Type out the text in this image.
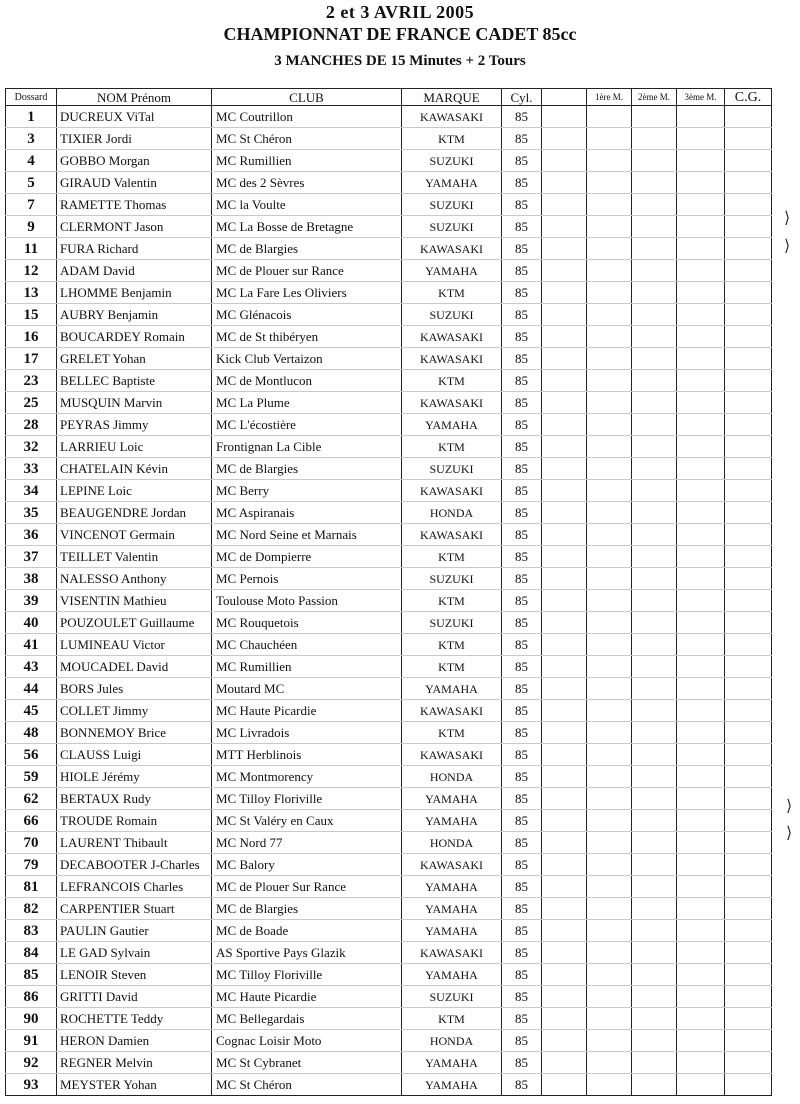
2 et 3 AVRIL 2005
CHAMPIONNAT DE FRANCE CADET 85cc
3 MANCHES DE 15 Minutes + 2 Tours
Dossard	NOM Prénom	CLUB	MARQUE	Cyl.		1ère M.	2ème M.	3ème M.	C.G.
1	DUCREUX ViTal	MC Coutrillon	KAWASAKI	85					
3	TIXIER Jordi	MC St Chéron	KTM	85					
4	GOBBO Morgan	MC Rumillien	SUZUKI	85					
5	GIRAUD Valentin	MC des 2 Sèvres	YAMAHA	85					
7	RAMETTE Thomas	MC la Voulte	SUZUKI	85					
9	CLERMONT Jason	MC La Bosse de Bretagne	SUZUKI	85					
11	FURA Richard	MC de Blargies	KAWASAKI	85					
12	ADAM David	MC de Plouer sur Rance	YAMAHA	85					
13	LHOMME Benjamin	MC La Fare Les Oliviers	KTM	85					
15	AUBRY Benjamin	MC Glénacois	SUZUKI	85					
16	BOUCARDEY Romain	MC de St thibéryen	KAWASAKI	85					
17	GRELET Yohan	Kick Club Vertaizon	KAWASAKI	85					
23	BELLEC Baptiste	MC de Montlucon	KTM	85					
25	MUSQUIN Marvin	MC La Plume	KAWASAKI	85					
28	PEYRAS Jimmy	MC L'écostière	YAMAHA	85					
32	LARRIEU Loic	Frontignan La Cible	KTM	85					
33	CHATELAIN Kévin	MC de Blargies	SUZUKI	85					
34	LEPINE Loic	MC Berry	KAWASAKI	85					
35	BEAUGENDRE Jordan	MC Aspiranais	HONDA	85					
36	VINCENOT Germain	MC Nord Seine et Marnais	KAWASAKI	85					
37	TEILLET Valentin	MC de Dompierre	KTM	85					
38	NALESSO Anthony	MC Pernois	SUZUKI	85					
39	VISENTIN Mathieu	Toulouse Moto Passion	KTM	85					
40	POUZOULET Guillaume	MC Rouquetois	SUZUKI	85					
41	LUMINEAU Victor	MC Chauchéen	KTM	85					
43	MOUCADEL David	MC Rumillien	KTM	85					
44	BORS Jules	Moutard MC	YAMAHA	85					
45	COLLET Jimmy	MC Haute Picardie	KAWASAKI	85					
48	BONNEMOY Brice	MC Livradois	KTM	85					
56	CLAUSS Luigi	MTT Herblinois	KAWASAKI	85					
59	HIOLE Jérémy	MC Montmorency	HONDA	85					
62	BERTAUX Rudy	MC Tilloy Floriville	YAMAHA	85					
66	TROUDE Romain	MC St Valéry en Caux	YAMAHA	85					
70	LAURENT Thibault	MC Nord 77	HONDA	85					
79	DECABOOTER J-Charles	MC Balory	KAWASAKI	85					
81	LEFRANCOIS Charles	MC de Plouer Sur Rance	YAMAHA	85					
82	CARPENTIER Stuart	MC de Blargies	YAMAHA	85					
83	PAULIN Gautier	MC de Boade	YAMAHA	85					
84	LE GAD Sylvain	AS Sportive Pays Glazik	KAWASAKI	85					
85	LENOIR Steven	MC Tilloy Floriville	YAMAHA	85					
86	GRITTI David	MC Haute Picardie	SUZUKI	85					
90	ROCHETTE Teddy	MC Bellegardais	KTM	85					
91	HERON Damien	Cognac Loisir Moto	HONDA	85					
92	REGNER Melvin	MC St Cybranet	YAMAHA	85					
93	MEYSTER Yohan	MC St Chéron	YAMAHA	85					
⟩
⟩
⟩
⟩
